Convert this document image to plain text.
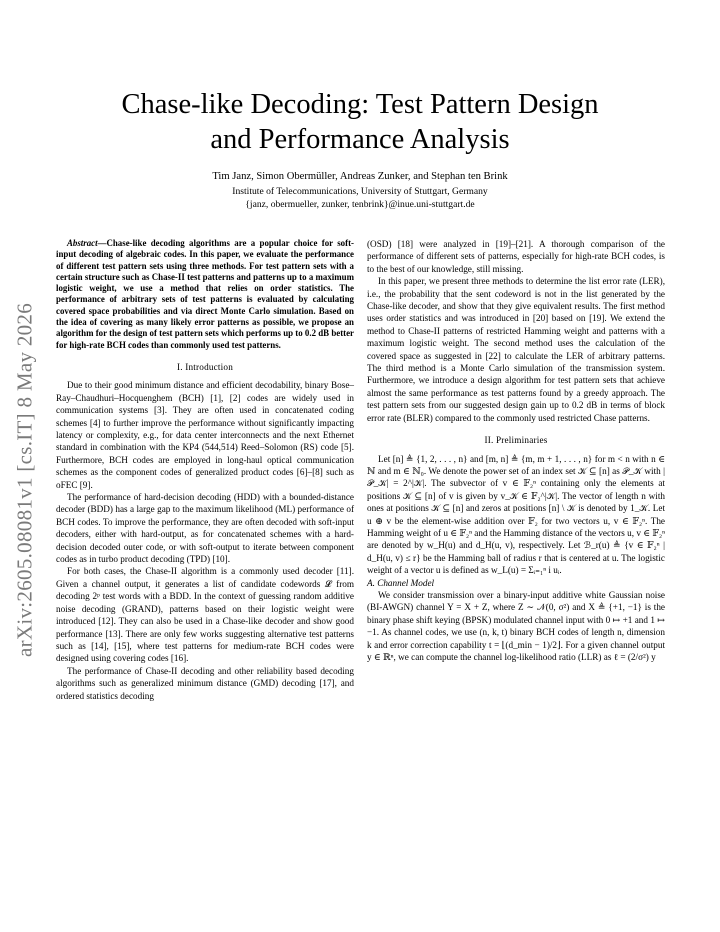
arXiv:2605.08081v1 [cs.IT] 8 May 2026
Chase-like Decoding: Test Pattern Design
and Performance Analysis
Tim Janz, Simon Obermüller, Andreas Zunker, and Stephan ten Brink
Institute of Telecommunications, University of Stuttgart, Germany
{janz, obermueller, zunker, tenbrink}@inue.uni-stuttgart.de

Abstract—Chase-like decoding algorithms are a popular choice for soft-input decoding of algebraic codes. In this paper, we evaluate the performance of different test pattern sets using three methods. For test pattern sets with a certain structure such as Chase-II test patterns and patterns up to a maximum logistic weight, we use a method that relies on order statistics. The performance of arbitrary sets of test patterns is evaluated by calculating covered space probabilities and via direct Monte Carlo simulation. Based on the idea of covering as many likely error patterns as possible, we propose an algorithm for the design of test pattern sets which performs up to 0.2 dB better for high-rate BCH codes than commonly used test patterns.

I. Introduction

Due to their good minimum distance and efficient decodability, binary Bose–Ray–Chaudhuri–Hocquenghem (BCH) [1], [2] codes are widely used in communication systems [3]. They are often used in concatenated coding schemes [4] to further improve the performance without significantly impacting latency or complexity, e.g., for data center interconnects and the next Ethernet standard in combination with the KP4 (544,514) Reed–Solomon (RS) code [5]. Furthermore, BCH codes are employed in long-haul optical communication schemes as the component codes of generalized product codes [6]–[8] such as oFEC [9].

The performance of hard-decision decoding (HDD) with a bounded-distance decoder (BDD) has a large gap to the maximum likelihood (ML) performance of BCH codes. To improve the performance, they are often decoded with soft-input decoders, either with hard-output, as for concatenated schemes with a hard-decision decoded outer code, or with soft-output to iterate between component codes as in turbo product decoding (TPD) [10].

For both cases, the Chase-II algorithm is a commonly used decoder [11]. Given a channel output, it generates a list of candidate codewords 𝓛 from decoding 2ᵖ test words with a BDD. In the context of guessing random additive noise decoding (GRAND), patterns based on their logistic weight were introduced [12]. They can also be used in a Chase-like decoder and show good performance [13]. There are only few works suggesting alternative test patterns such as [14], [15], where test patterns for medium-rate BCH codes were designed using covering codes [16].

The performance of Chase-II decoding and other reliability based decoding algorithms such as generalized minimum distance (GMD) decoding [17], and ordered statistics decoding

(OSD) [18] were analyzed in [19]–[21]. A thorough comparison of the performance of different sets of patterns, especially for high-rate BCH codes, is to the best of our knowledge, still missing.

In this paper, we present three methods to determine the list error rate (LER), i.e., the probability that the sent codeword is not in the list generated by the Chase-like decoder, and show that they give equivalent results. The first method uses order statistics and was introduced in [20] based on [19]. We extend the method to Chase-II patterns of restricted Hamming weight and patterns with a maximum logistic weight. The second method uses the calculation of the covered space as suggested in [22] to calculate the LER of arbitrary patterns. The third method is a Monte Carlo simulation of the transmission system. Furthermore, we introduce a design algorithm for test pattern sets that achieve almost the same performance as test patterns found by a greedy approach. The test pattern sets from our suggested design gain up to 0.2 dB in terms of block error rate (BLER) compared to the commonly used restricted Chase patterns.

II. Preliminaries

Let [n] ≜ {1, 2, . . . , n} and [m, n] ≜ {m, m + 1, . . . , n} for m < n with n ∈ ℕ and m ∈ ℕ₀. We denote the power set of an index set 𝒦 ⊆ [n] as 𝒫_𝒦 with |𝒫_𝒦| = 2^|𝒦|. The subvector of v ∈ 𝔽₂ⁿ containing only the elements at positions 𝒦 ⊆ [n] of v is given by v_𝒦 ∈ 𝔽₂^|𝒦|. The vector of length n with ones at positions 𝒦 ⊆ [n] and zeros at positions [n] \ 𝒦 is denoted by 1_𝒦. Let u ⊕ v be the element-wise addition over 𝔽₂ for two vectors u, v ∈ 𝔽₂ⁿ. The Hamming weight of u ∈ 𝔽₂ⁿ and the Hamming distance of the vectors u, v ∈ 𝔽₂ⁿ are denoted by w_H(u) and d_H(u, v), respectively. Let ℬ_r(u) ≜ {v ∈ 𝔽₂ⁿ | d_H(u, v) ≤ r} be the Hamming ball of radius r that is centered at u. The logistic weight of a vector u is defined as w_L(u) = Σᵢ₌₁ⁿ i uᵢ.

A. Channel Model

We consider transmission over a binary-input additive white Gaussian noise (BI-AWGN) channel Y = X + Z, where Z ∼ 𝒩(0, σ²) and X ≜ {+1, −1} is the binary phase shift keying (BPSK) modulated channel input with 0 ↦ +1 and 1 ↦ −1. As channel codes, we use (n, k, t) binary BCH codes of length n, dimension k and error correction capability t = ⌊(d_min − 1)/2⌋. For a given channel output y ∈ ℝⁿ, we can compute the channel log-likelihood ratio (LLR) as ℓ = (2/σ²) y
